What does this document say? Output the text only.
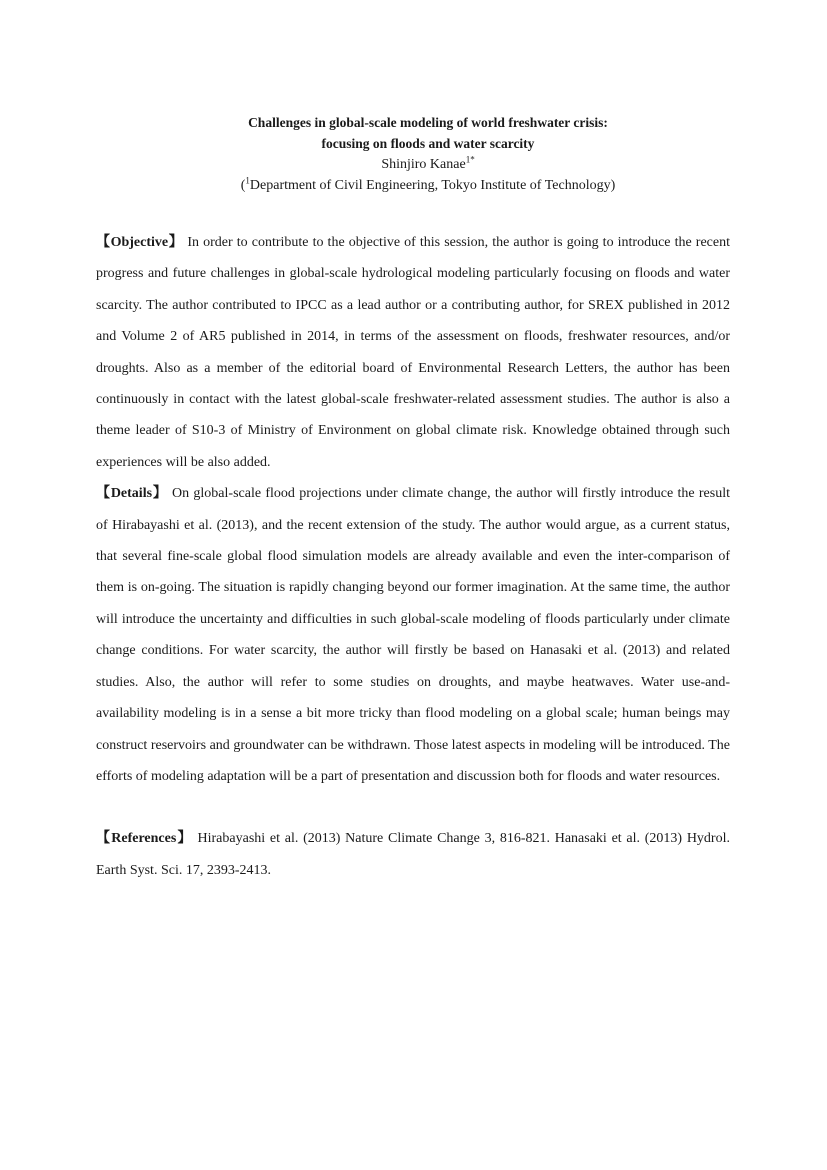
Challenges in global-scale modeling of world freshwater crisis:
focusing on floods and water scarcity
Shinjiro Kanae$^{1*}$
($^1$Department of Civil Engineering, Tokyo Institute of Technology)

【Objective】 In order to contribute to the objective of this session, the author is going to introduce the recent progress and future challenges in global-scale hydrological modeling particularly focusing on floods and water scarcity. The author contributed to IPCC as a lead author or a contributing author, for SREX published in 2012 and Volume 2 of AR5 published in 2014, in terms of the assessment on floods, freshwater resources, and/or droughts. Also as a member of the editorial board of Environmental Research Letters, the author has been continuously in contact with the latest global-scale freshwater-related assessment studies. The author is also a theme leader of S10-3 of Ministry of Environment on global climate risk. Knowledge obtained through such experiences will be also added.

【Details】 On global-scale flood projections under climate change, the author will firstly introduce the result of Hirabayashi et al. (2013), and the recent extension of the study. The author would argue, as a current status, that several fine-scale global flood simulation models are already available and even the inter-comparison of them is on-going. The situation is rapidly changing beyond our former imagination. At the same time, the author will introduce the uncertainty and difficulties in such global-scale modeling of floods particularly under climate change conditions. For water scarcity, the author will firstly be based on Hanasaki et al. (2013) and related studies. Also, the author will refer to some studies on droughts, and maybe heatwaves. Water use-and-availability modeling is in a sense a bit more tricky than flood modeling on a global scale; human beings may construct reservoirs and groundwater can be withdrawn. Those latest aspects in modeling will be introduced. The efforts of modeling adaptation will be a part of presentation and discussion both for floods and water resources.

【References】 Hirabayashi et al. (2013) Nature Climate Change 3, 816-821. Hanasaki et al. (2013) Hydrol. Earth Syst. Sci. 17, 2393-2413.
